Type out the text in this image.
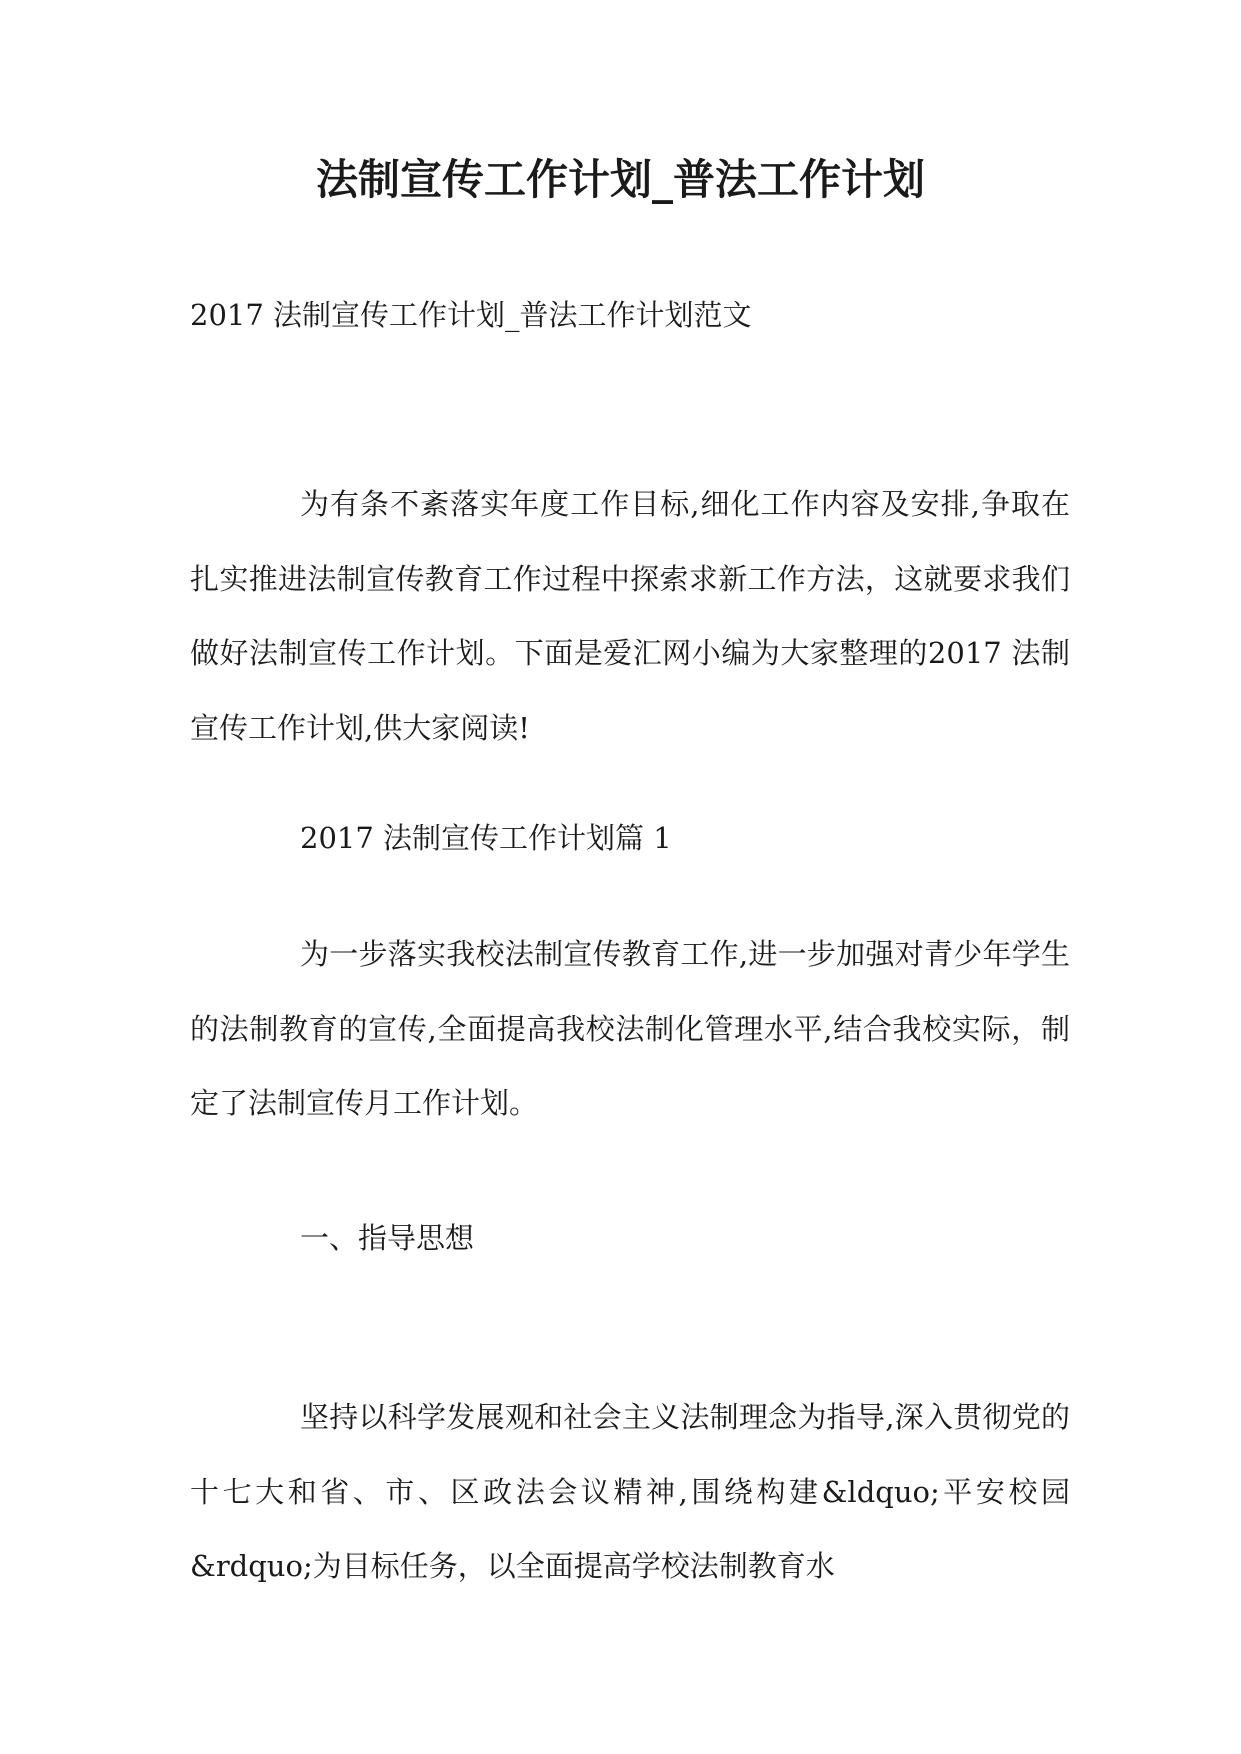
法制宣传工作计划_普法工作计划
2017 法制宣传工作计划_普法工作计划范文
为有条不紊落实年度工作目标,细化工作内容及安排,争取在扎实推进法制宣传教育工作过程中探索求新工作方法，这就要求我们做好法制宣传工作计划。下面是爱汇网小编为大家整理的2017 法制宣传工作计划,供大家阅读!
2017 法制宣传工作计划篇 1
为一步落实我校法制宣传教育工作,进一步加强对青少年学生的法制教育的宣传,全面提高我校法制化管理水平,结合我校实际，制定了法制宣传月工作计划。
一、指导思想
坚持以科学发展观和社会主义法制理念为指导,深入贯彻党的十七大和省、市、区政法会议精神,围绕构建&ldquo;平安校园&rdquo;为目标任务，以全面提高学校法制教育水
